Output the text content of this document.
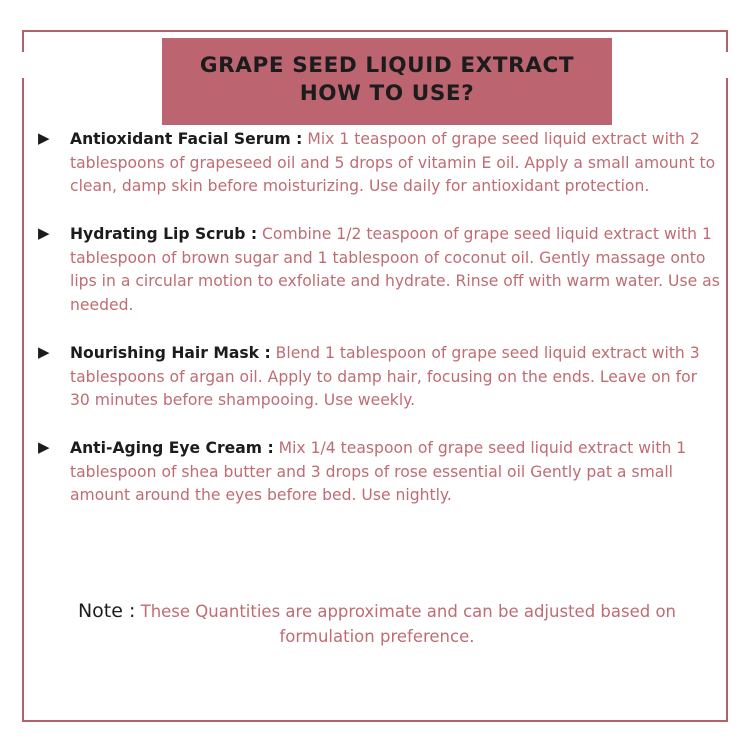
GRAPE SEED LIQUID EXTRACT
HOW TO USE?
▶ Antioxidant Facial Serum : Mix 1 teaspoon of grape seed liquid extract with 2 tablespoons of grapeseed oil and 5 drops of vitamin E oil. Apply a small amount to clean, damp skin before moisturizing. Use daily for antioxidant protection.
▶ Hydrating Lip Scrub : Combine 1/2 teaspoon of grape seed liquid extract with 1 tablespoon of brown sugar and 1 tablespoon of coconut oil. Gently massage onto lips in a circular motion to exfoliate and hydrate. Rinse off with warm water. Use as needed.
▶ Nourishing Hair Mask : Blend 1 tablespoon of grape seed liquid extract with 3 tablespoons of argan oil. Apply to damp hair, focusing on the ends. Leave on for 30 minutes before shampooing. Use weekly.
▶ Anti-Aging Eye Cream : Mix 1/4 teaspoon of grape seed liquid extract with 1 tablespoon of shea butter and 3 drops of rose essential oil Gently pat a small amount around the eyes before bed. Use nightly.
Note : These Quantities are approximate and can be adjusted based on formulation preference.
